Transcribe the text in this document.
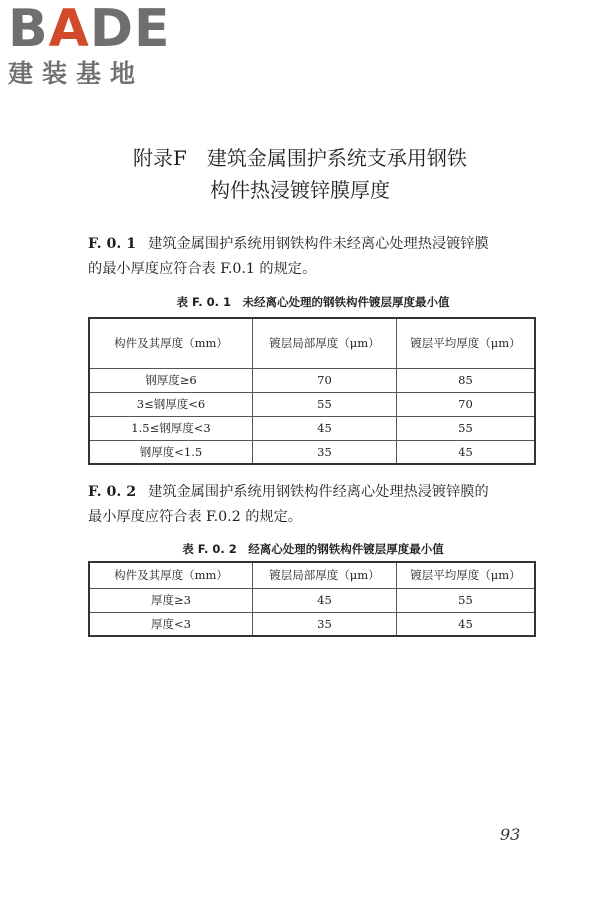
BADE
建装基地
附录F　建筑金属围护系统支承用钢铁
构件热浸镀锌膜厚度
F. 0. 1 建筑金属围护系统用钢铁构件未经离心处理热浸镀锌膜
的最小厚度应符合表 F.0.1 的规定。
表 F. 0. 1　未经离心处理的钢铁构件镀层厚度最小值
构件及其厚度（mm）	镀层局部厚度（μm）	镀层平均厚度（μm）
钢厚度≥6	70	85
3≤钢厚度<6	55	70
1.5≤钢厚度<3	45	55
钢厚度<1.5	35	45
F. 0. 2 建筑金属围护系统用钢铁构件经离心处理热浸镀锌膜的
最小厚度应符合表 F.0.2 的规定。
表 F. 0. 2　经离心处理的钢铁构件镀层厚度最小值
构件及其厚度（mm）	镀层局部厚度（μm）	镀层平均厚度（μm）
厚度≥3	45	55
厚度<3	35	45
93
